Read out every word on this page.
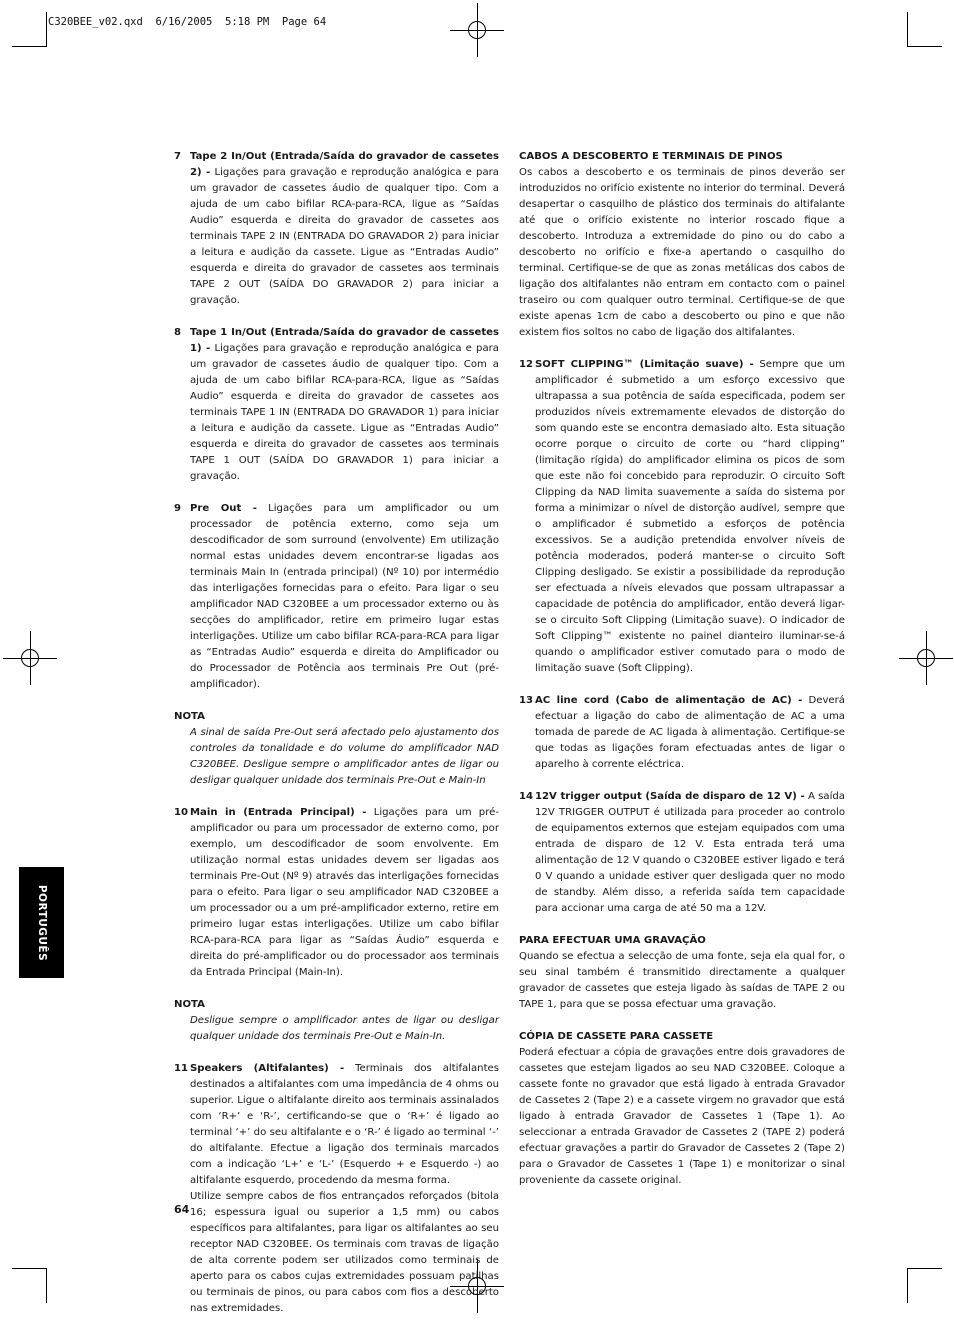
C320BEE_v02.qxd  6/16/2005  5:18 PM  Page 64
7 Tape 2 In/Out (Entrada/Saída do gravador de cassetes 2) - Ligações para gravação e reprodução analógica e para um gravador de cassetes áudio de qualquer tipo. Com a ajuda de um cabo bifilar RCA-para-RCA, ligue as “Saídas Audio” esquerda e direita do gravador de cassetes aos terminais TAPE 2 IN (ENTRADA DO GRAVADOR 2) para iniciar a leitura e audição da cassete. Ligue as “Entradas Audio” esquerda e direita do gravador de cassetes aos terminais TAPE 2 OUT (SAÍDA DO GRAVADOR 2) para iniciar a gravação.
8 Tape 1 In/Out (Entrada/Saída do gravador de cassetes 1) - Ligações para gravação e reprodução analógica e para um gravador de cassetes áudio de qualquer tipo. Com a ajuda de um cabo bifilar RCA-para-RCA, ligue as “Saídas Audio” esquerda e direita do gravador de cassetes aos terminais TAPE 1 IN (ENTRADA DO GRAVADOR 1) para iniciar a leitura e audição da cassete. Ligue as “Entradas Audio” esquerda e direita do gravador de cassetes aos terminais TAPE 1 OUT (SAÍDA DO GRAVADOR 1) para iniciar a gravação.
9 Pre Out - Ligações para um amplificador ou um processador de potência externo, como seja um descodificador de som surround (envolvente) Em utilização normal estas unidades devem encontrar-se ligadas aos terminais Main In (entrada principal) (Nº 10) por intermédio das interligações fornecidas para o efeito. Para ligar o seu amplificador NAD C320BEE a um processador externo ou às secções do amplificador, retire em primeiro lugar estas interligações. Utilize um cabo bifilar RCA-para-RCA para ligar as “Entradas Audio” esquerda e direita do Amplificador ou do Processador de Potência aos terminais Pre Out (pré-amplificador).
NOTA
A sinal de saída Pre-Out será afectado pelo ajustamento dos controles da tonalidade e do volume do amplificador NAD C320BEE. Desligue sempre o amplificador antes de ligar ou desligar qualquer unidade dos terminais Pre-Out e Main-In
10 Main in (Entrada Principal) - Ligações para um pré-amplificador ou para um processador de externo como, por exemplo, um descodificador de soom envolvente. Em utilização normal estas unidades devem ser ligadas aos terminais Pre-Out (Nº 9) através das interligações fornecidas para o efeito. Para ligar o seu amplificador NAD C320BEE a um processador ou a um pré-amplificador externo, retire em primeiro lugar estas interligações. Utilize um cabo bifilar RCA-para-RCA para ligar as “Saídas Áudio” esquerda e direita do pré-amplificador ou do processador aos terminais da Entrada Principal (Main-In).
NOTA
Desligue sempre o amplificador antes de ligar ou desligar qualquer unidade dos terminais Pre-Out e Main-In.
11 Speakers (Altifalantes) - Terminais dos altifalantes destinados a altifalantes com uma impedância de 4 ohms ou superior. Ligue o altifalante direito aos terminais assinalados com ‘R+’ e ‘R-’, certificando-se que o ‘R+’ é ligado ao terminal ‘+’ do seu altifalante e o ‘R-’ é ligado ao terminal ‘-’ do altifalante. Efectue a ligação dos terminais marcados com a indicação ‘L+’ e ‘L-’ (Esquerdo + e Esquerdo -) ao altifalante esquerdo, procedendo da mesma forma.
Utilize sempre cabos de fios entrançados reforçados (bitola 16; espessura igual ou superior a 1,5 mm) ou cabos específicos para altifalantes, para ligar os altifalantes ao seu receptor NAD C320BEE. Os terminais com travas de ligação de alta corrente podem ser utilizados como terminais de aperto para os cabos cujas extremidades possuam patilhas ou terminais de pinos, ou para cabos com fios a descoberto nas extremidades.
CABOS A DESCOBERTO E TERMINAIS DE PINOS
Os cabos a descoberto e os terminais de pinos deverão ser introduzidos no orifício existente no interior do terminal. Deverá desapertar o casquilho de plástico dos terminais do altifalante até que o orifício existente no interior roscado fique a descoberto. Introduza a extremidade do pino ou do cabo a descoberto no orifício e fixe-a apertando o casquilho do terminal. Certifique-se de que as zonas metálicas dos cabos de ligação dos altifalantes não entram em contacto com o painel traseiro ou com qualquer outro terminal. Certifique-se de que existe apenas 1cm de cabo a descoberto ou pino e que não existem fios soltos no cabo de ligação dos altifalantes.
12 SOFT CLIPPING™ (Limitação suave) - Sempre que um amplificador é submetido a um esforço excessivo que ultrapassa a sua potência de saída especificada, podem ser produzidos níveis extremamente elevados de distorção do som quando este se encontra demasiado alto. Esta situação ocorre porque o circuito de corte ou “hard clipping” (limitação rígida) do amplificador elimina os picos de som que este não foi concebido para reproduzir. O circuito Soft Clipping da NAD limita suavemente a saída do sistema por forma a minimizar o nível de distorção audível, sempre que o amplificador é submetido a esforços de potência excessivos. Se a audição pretendida envolver níveis de potência moderados, poderá manter-se o circuito Soft Clipping desligado. Se existir a possibilidade da reprodução ser efectuada a níveis elevados que possam ultrapassar a capacidade de potência do amplificador, então deverá ligar-se o circuito Soft Clipping (Limitação suave). O indicador de Soft Clipping™ existente no painel dianteiro iluminar-se-á quando o amplificador estiver comutado para o modo de limitação suave (Soft Clipping).
13 AC line cord (Cabo de alimentação de AC) - Deverá efectuar a ligação do cabo de alimentação de AC a uma tomada de parede de AC ligada à alimentação. Certifique-se que todas as ligações foram efectuadas antes de ligar o aparelho à corrente eléctrica.
14 12V trigger output (Saída de disparo de 12 V) - A saída 12V TRIGGER OUTPUT é utilizada para proceder ao controlo de equipamentos externos que estejam equipados com uma entrada de disparo de 12 V. Esta entrada terá uma alimentação de 12 V quando o C320BEE estiver ligado e terá 0 V quando a unidade estiver quer desligada quer no modo de standby. Além disso, a referida saída tem capacidade para accionar uma carga de até 50 ma a 12V.
PARA EFECTUAR UMA GRAVAÇÃO
Quando se efectua a selecção de uma fonte, seja ela qual for, o seu sinal também é transmitido directamente a qualquer gravador de cassetes que esteja ligado às saídas de TAPE 2 ou TAPE 1, para que se possa efectuar uma gravação.
CÓPIA DE CASSETE PARA CASSETE
Poderá efectuar a cópia de gravações entre dois gravadores de cassetes que estejam ligados ao seu NAD C320BEE. Coloque a cassete fonte no gravador que está ligado à entrada Gravador de Cassetes 2 (Tape 2) e a cassete virgem no gravador que está ligado à entrada Gravador de Cassetes 1 (Tape 1). Ao seleccionar a entrada Gravador de Cassetes 2 (TAPE 2) poderá efectuar gravações a partir do Gravador de Cassetes 2 (Tape 2) para o Gravador de Cassetes 1 (Tape 1) e monitorizar o sinal proveniente da cassete original.
PORTUGUÊS
64
